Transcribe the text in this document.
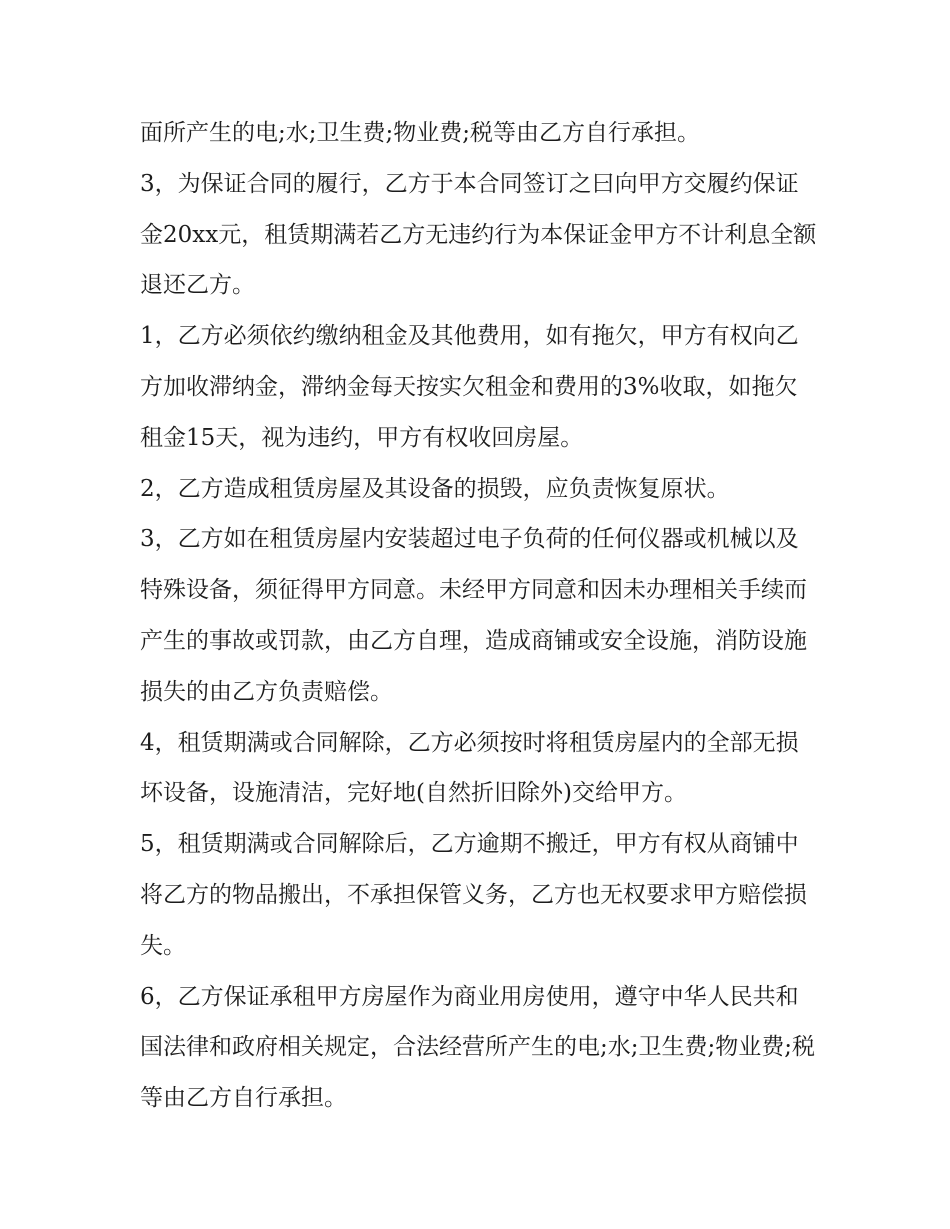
面所产生的电;水;卫生费;物业费;税等由乙方自行承担。

3，为保证合同的履行，乙方于本合同签订之曰向甲方交履约保证金20xx元，租赁期满若乙方无违约行为本保证金甲方不计利息全额退还乙方。

1，乙方必须依约缴纳租金及其他费用，如有拖欠，甲方有权向乙方加收滞纳金，滞纳金每天按实欠租金和费用的3%收取，如拖欠租金15天，视为违约，甲方有权收回房屋。

2，乙方造成租赁房屋及其设备的损毁，应负责恢复原状。

3，乙方如在租赁房屋内安装超过电子负荷的任何仪器或机械以及特殊设备，须征得甲方同意。未经甲方同意和因未办理相关手续而产生的事故或罚款，由乙方自理，造成商铺或安全设施，消防设施损失的由乙方负责赔偿。

4，租赁期满或合同解除，乙方必须按时将租赁房屋内的全部无损坏设备，设施清洁，完好地(自然折旧除外)交给甲方。

5，租赁期满或合同解除后，乙方逾期不搬迁，甲方有权从商铺中将乙方的物品搬出，不承担保管义务，乙方也无权要求甲方赔偿损失。

6，乙方保证承租甲方房屋作为商业用房使用，遵守中华人民共和国法律和政府相关规定，合法经营所产生的电;水;卫生费;物业费;税等由乙方自行承担。
